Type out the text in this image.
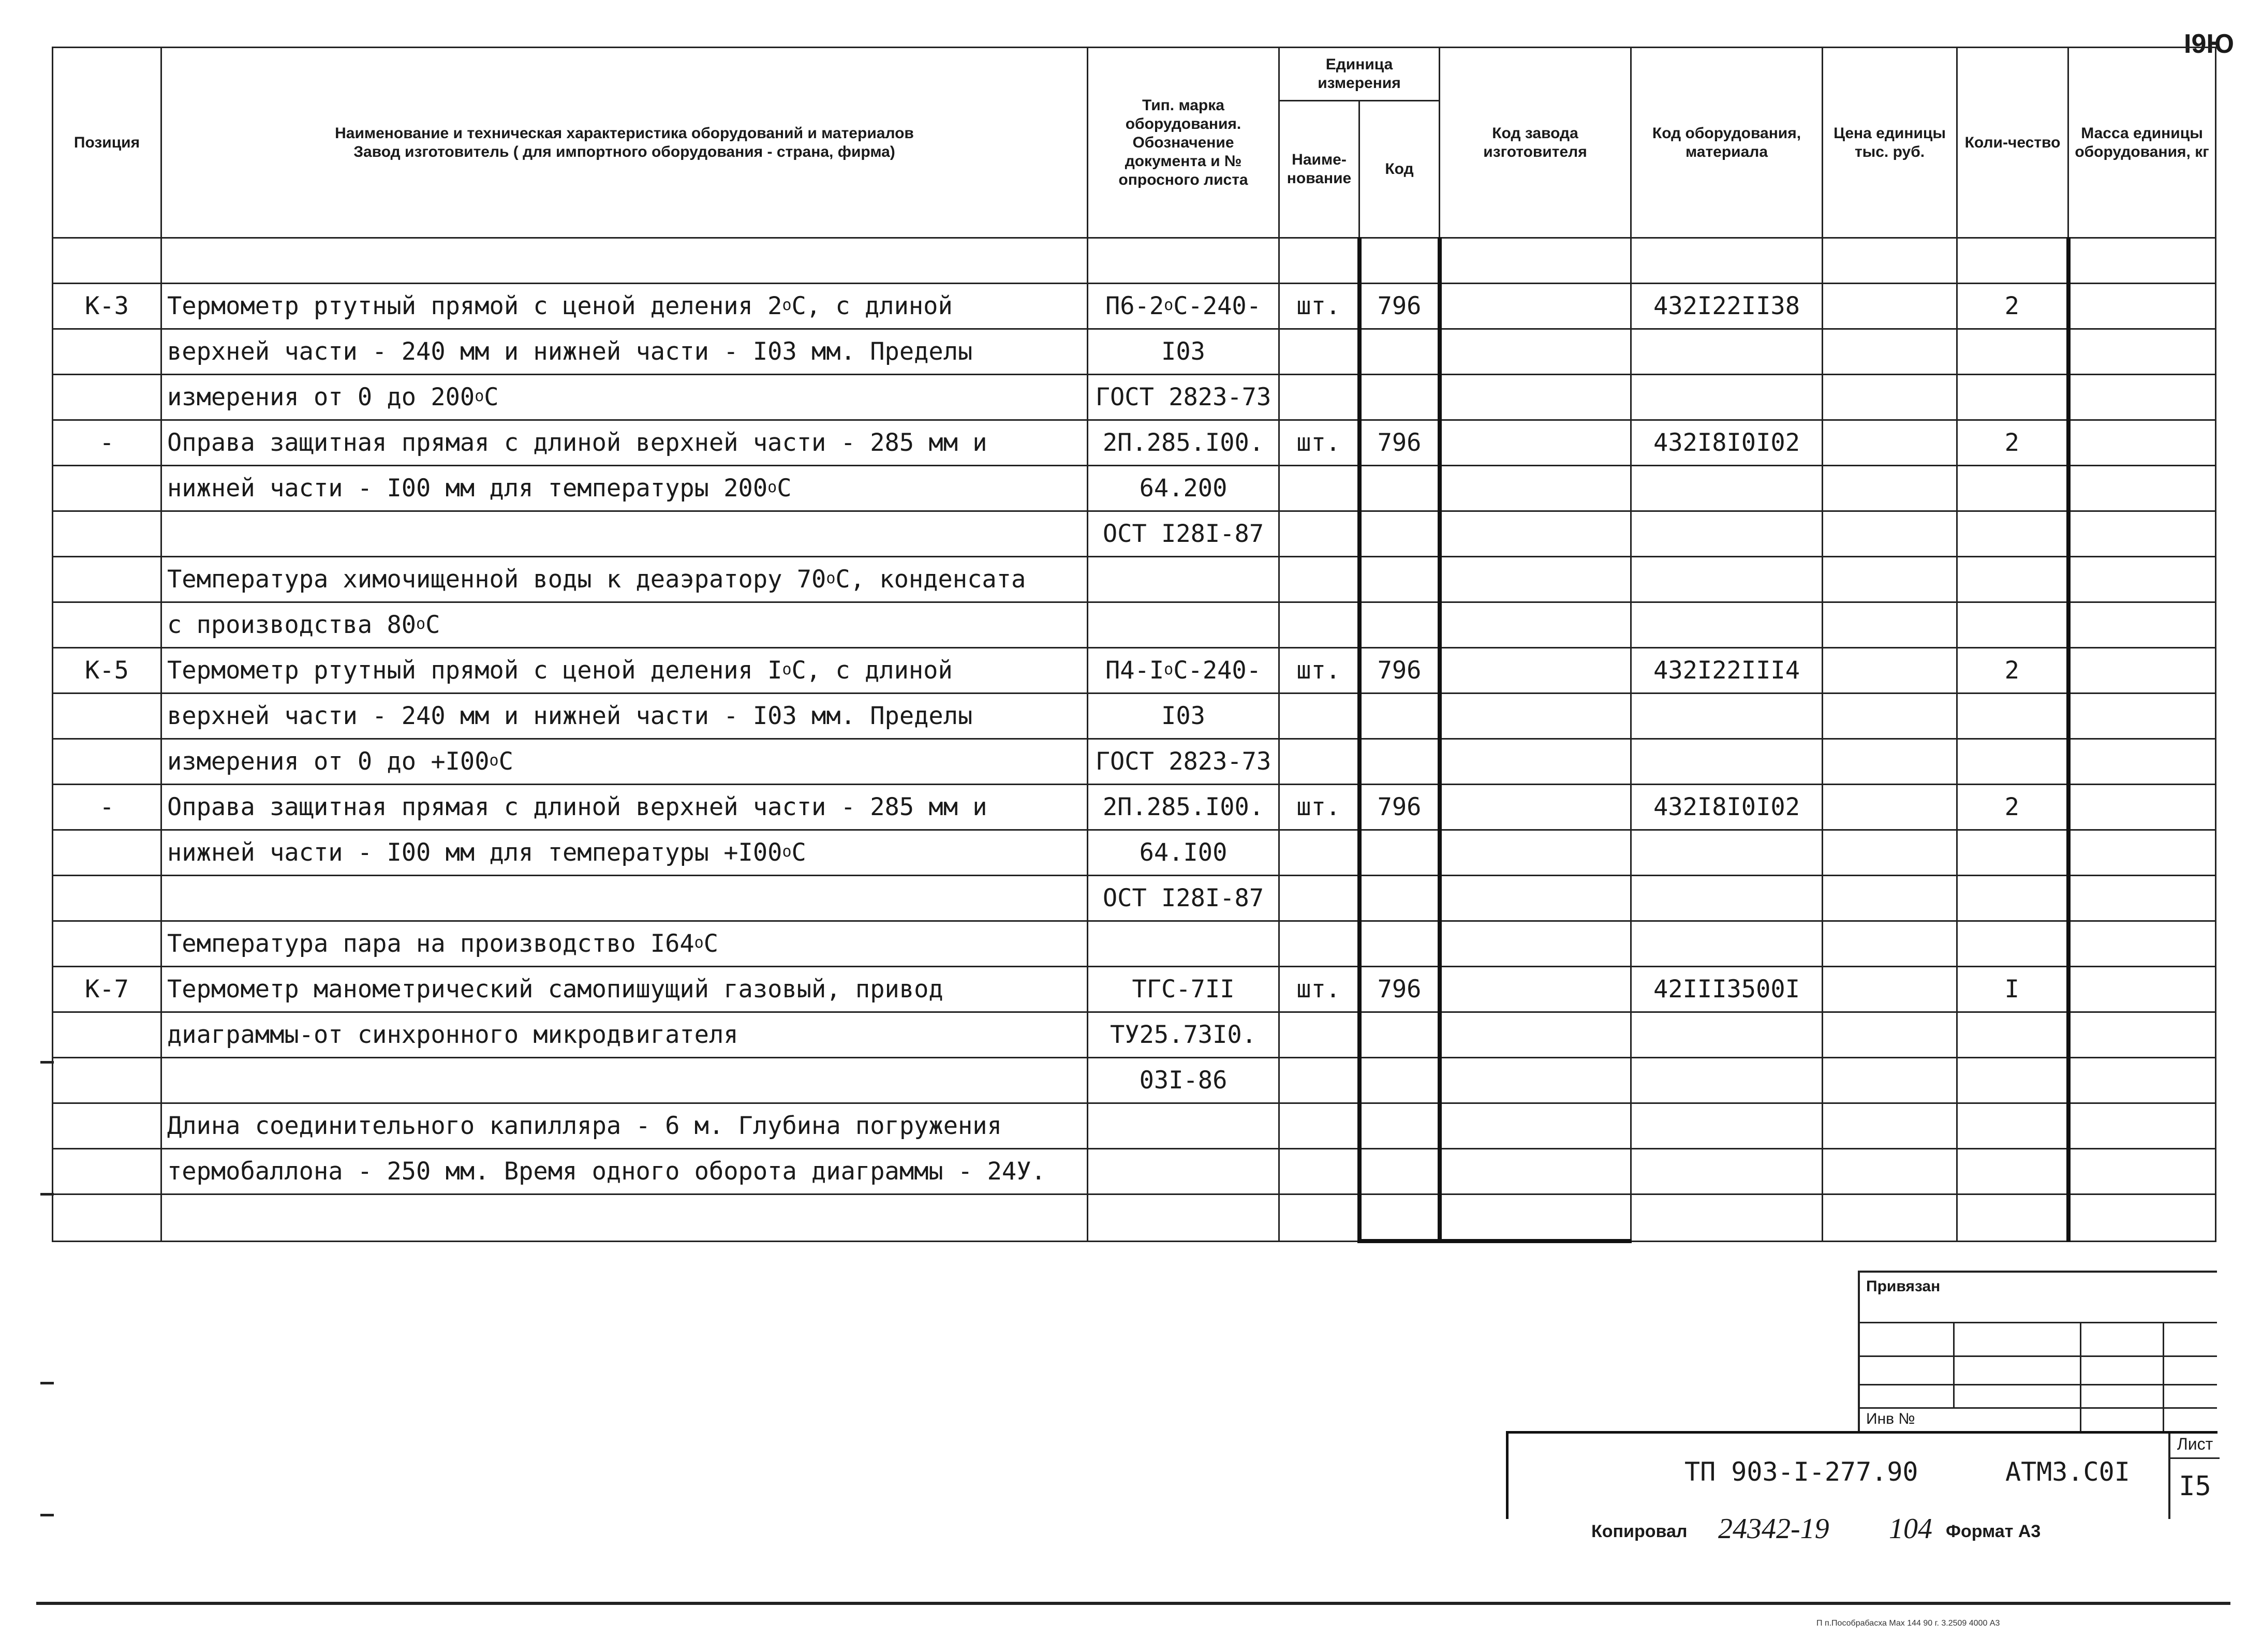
I9Ю
Позиция	Наименование и техническая характеристика оборудований и материалов
Завод изготовитель ( для импортного оборудования - страна, фирма)	Тип. марка оборудования. Обозначение документа и № опросного листа	Единица измерения		Код завода изготовителя	Код оборудования, материала	Цена единицы тыс. руб.	Коли-чество	Масса единицы оборудования, кг
			Наиме-нование	Код					

К-3	Термометр ртутный прямой с ценой деления 2$^o$С, с длиной	П6-2$^o$С-240-	шт.	796		432I22II38		2	
	верхней части - 240 мм и нижней части - I03 мм. Пределы	I03							
	измерения от 0 до 200$^o$С	ГОСТ 2823-73							
-	Оправа защитная прямая с длиной верхней части - 285 мм и	2П.285.I00.	шт.	796		432I8I0I02		2	
	нижней части - I00 мм для температуры 200$^o$С	64.200							
		ОСТ I28I-87							
	Температура химочищенной воды к деаэратору 70$^o$С, конденсата								
	с производства 80$^o$С								
К-5	Термометр ртутный прямой с ценой деления $I^oС$, с длиной	$П4-I^oС-240-$	шт.	796		432I22III4		2	
	верхней части - 240 мм и нижней части - I03 мм. Пределы	I03							
	измерения от 0 до $+I00^oС$	ГОСТ 2823-73							
-	Оправа защитная прямая с длиной верхней части - 285 мм и	2П.285.I00.	шт.	796		432I8I0I02		2	
	нижней части - I00 мм для температуры $+I00^oС$	64.I00							
		ОСТ I28I-87							
	Температура пара на производство I64$^o$С								
К-7	Термометр манометрический самопишущий газовый, привод	ТГС-7II	шт.	796		42III3500I		I	
	диаграммы-от синхронного микродвигателя	ТУ25.73I0.							
		03I-86							
	Длина соединительного капилляра - 6 м. Глубина погружения								
	термобаллона - 250 мм. Время одного оборота диаграммы - 24У.								

Привязан
Инв №
ТП 903-I-277.90	АТМЗ.С0I
Лист
I5
Копировал 24342-19 104 Формат А3
П п.Пособрабасха Мах 144 90 г. 3.2509 4000 А3
